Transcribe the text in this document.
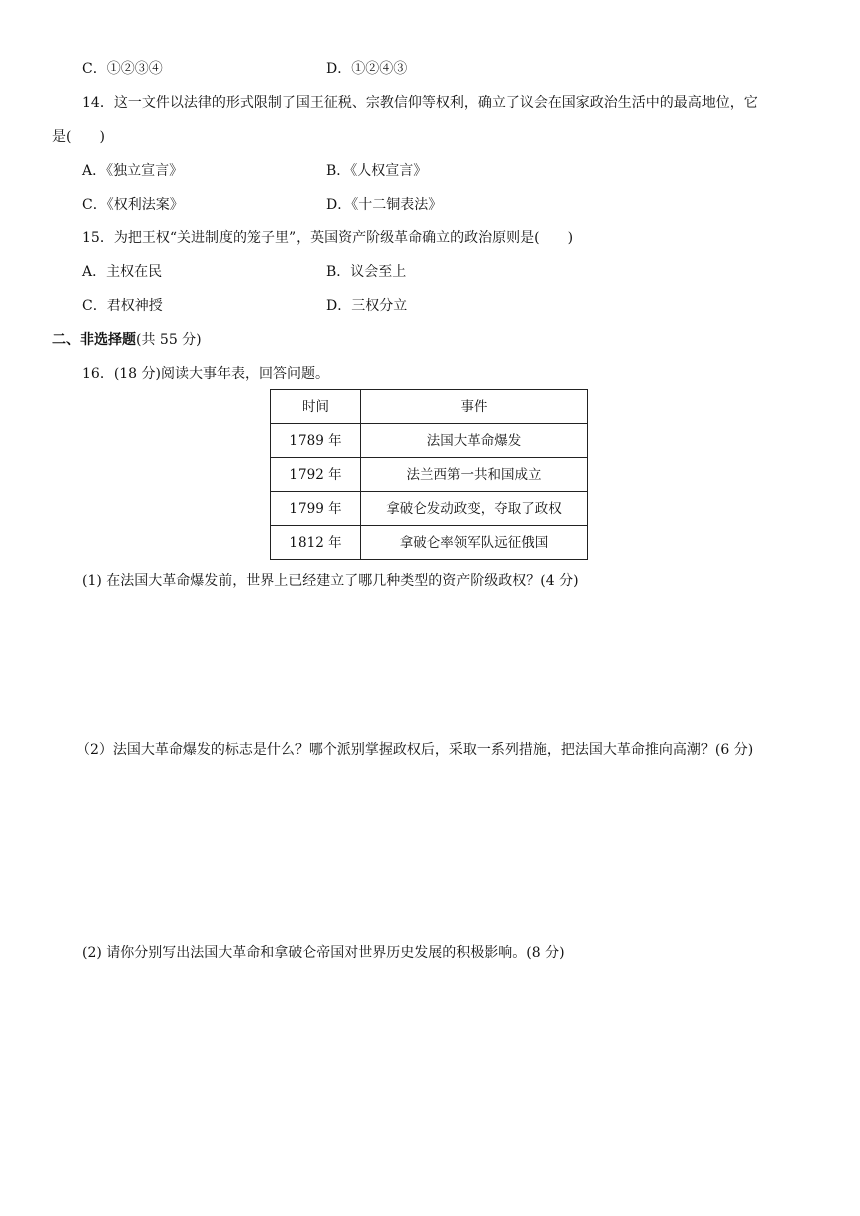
C．①②③④	D．①②④③
14．这一文件以法律的形式限制了国王征税、宗教信仰等权利，确立了议会在国家政治生活中的最高地位，它
是(　　)
A．《独立宣言》	B．《人权宣言》
C．《权利法案》	D．《十二铜表法》
15．为把王权“关进制度的笼子里”，英国资产阶级革命确立的政治原则是(　　)
A．主权在民	B．议会至上
C．君权神授	D．三权分立
二、非选择题(共 55 分)
16．(18 分)阅读大事年表，回答问题。
时间	事件
1789 年	法国大革命爆发
1792 年	法兰西第一共和国成立
1799 年	拿破仑发动政变，夺取了政权
1812 年	拿破仑率领军队远征俄国
(1) 在法国大革命爆发前，世界上已经建立了哪几种类型的资产阶级政权？(4 分)
（2）法国大革命爆发的标志是什么？哪个派别掌握政权后，采取一系列措施，把法国大革命推向高潮？(6 分)
(2) 请你分别写出法国大革命和拿破仑帝国对世界历史发展的积极影响。(8 分)
